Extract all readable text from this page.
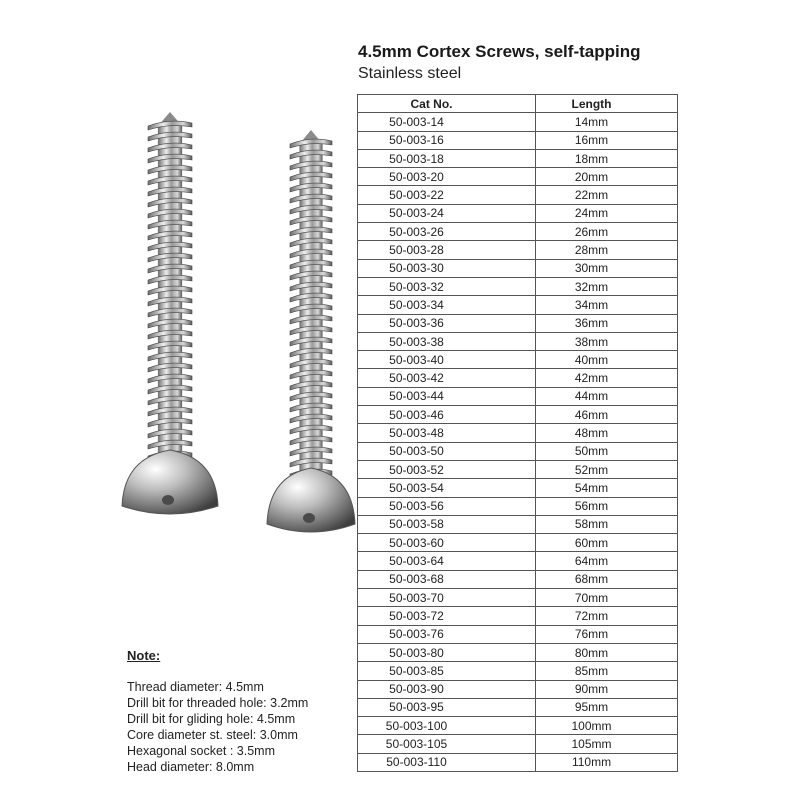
4.5mm Cortex Screws, self-tapping
Stainless steel
Cat No.	Length
50-003-14	14mm
50-003-16	16mm
50-003-18	18mm
50-003-20	20mm
50-003-22	22mm
50-003-24	24mm
50-003-26	26mm
50-003-28	28mm
50-003-30	30mm
50-003-32	32mm
50-003-34	34mm
50-003-36	36mm
50-003-38	38mm
50-003-40	40mm
50-003-42	42mm
50-003-44	44mm
50-003-46	46mm
50-003-48	48mm
50-003-50	50mm
50-003-52	52mm
50-003-54	54mm
50-003-56	56mm
50-003-58	58mm
50-003-60	60mm
50-003-64	64mm
50-003-68	68mm
50-003-70	70mm
50-003-72	72mm
50-003-76	76mm
50-003-80	80mm
50-003-85	85mm
50-003-90	90mm
50-003-95	95mm
50-003-100	100mm
50-003-105	105mm
50-003-110	110mm
Note:
Thread diameter: 4.5mm
Drill bit for threaded hole: 3.2mm
Drill bit for gliding hole: 4.5mm
Core diameter st. steel: 3.0mm
Hexagonal socket : 3.5mm
Head diameter: 8.0mm
